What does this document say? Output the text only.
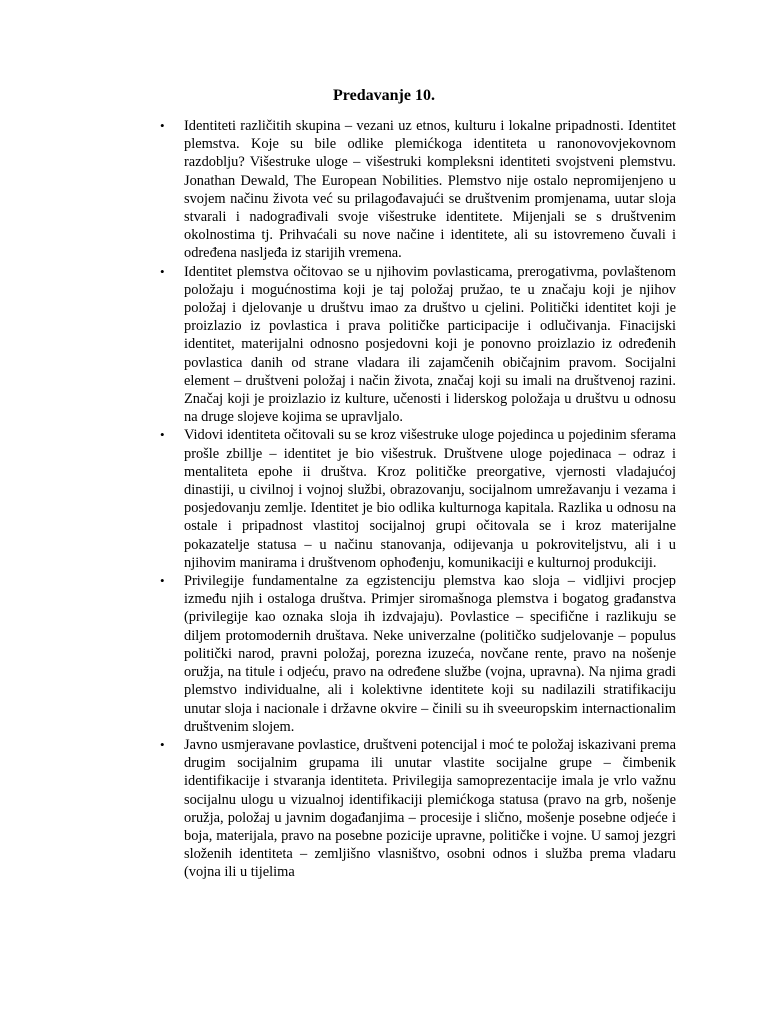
Predavanje 10.
• Identiteti različitih skupina – vezani uz etnos, kulturu i lokalne pripadnosti. Identitet plemstva. Koje su bile odlike plemićkoga identiteta u ranonovovjekovnom razdoblju? Višestruke uloge – višestruki kompleksni identiteti svojstveni plemstvu. Jonathan Dewald, The European Nobilities. Plemstvo nije ostalo nepromijenjeno u svojem načinu života već su prilagođavajući se društvenim promjenama, uutar sloja stvarali i nadograđivali svoje višestruke identitete. Mijenjali se s društvenim okolnostima tj. Prihvaćali su nove načine i identitete, ali su istovremeno čuvali i određena nasljeđa iz starijih vremena.
• Identitet plemstva očitovao se u njihovim povlasticama, prerogativma, povlaštenom položaju i mogućnostima koji je taj položaj pružao, te u značaju koji je njihov položaj i djelovanje u društvu imao za društvo u cjelini. Politički identitet koji je proizlazio iz povlastica i prava političke participacije i odlučivanja. Finacijski identitet, materijalni odnosno posjedovni koji je ponovno proizlazio iz određenih povlastica danih od strane vladara ili zajamčenih običajnim pravom. Socijalni element – društveni položaj i način života, značaj koji su imali na društvenoj razini. Značaj koji je proizlazio iz kulture, učenosti i liderskog položaja u društvu u odnosu na druge slojeve kojima se upravljalo.
• Vidovi identiteta očitovali su se kroz višestruke uloge pojedinca u pojedinim sferama prošle zbillje – identitet je bio višestruk. Društvene uloge pojedinaca – odraz i mentaliteta epohe ii društva. Kroz političke preorgative, vjernosti vladajućoj dinastiji, u civilnoj i vojnoj službi, obrazovanju, socijalnom umrežavanju i vezama i posjedovanju zemlje. Identitet je bio odlika kulturnoga kapitala. Razlika u odnosu na ostale i pripadnost vlastitoj socijalnoj grupi očitovala se i kroz materijalne pokazatelje statusa – u načinu stanovanja, odijevanja u pokroviteljstvu, ali i u njihovim manirama i društvenom ophođenju, komunikaciji e kulturnoj produkciji.
• Privilegije fundamentalne za egzistenciju plemstva kao sloja – vidljivi procjep između njih i ostaloga društva. Primjer siromašnoga plemstva i bogatog građanstva (privilegije kao oznaka sloja ih izdvajaju). Povlastice – specifične i razlikuju se diljem protomodernih društava. Neke univerzalne (političko sudjelovanje – populus politički narod, pravni položaj, porezna izuzeća, novčane rente, pravo na nošenje oružja, na titule i odjeću, pravo na određene službe (vojna, upravna). Na njima gradi plemstvo individualne, ali i kolektivne identitete koji su nadilazili stratifikaciju unutar sloja i nacionale i državne okvire – činili su ih sveeuropskim internactionalim društvenim slojem.
• Javno usmjeravane povlastice, društveni potencijal i moć te položaj iskazivani prema drugim socijalnim grupama ili unutar vlastite socijalne grupe – čimbenik identifikacije i stvaranja identiteta. Privilegija samoprezentacije imala je vrlo važnu socijalnu ulogu u vizualnoj identifikaciji plemićkoga statusa (pravo na grb, nošenje oružja, položaj u javnim događanjima – procesije i slično, mošenje posebne odjeće i boja, materijala, pravo na posebne pozicije upravne, političke i vojne. U samoj jezgri složenih identiteta – zemljišno vlasništvo, osobni odnos i služba prema vladaru (vojna ili u tijelima
